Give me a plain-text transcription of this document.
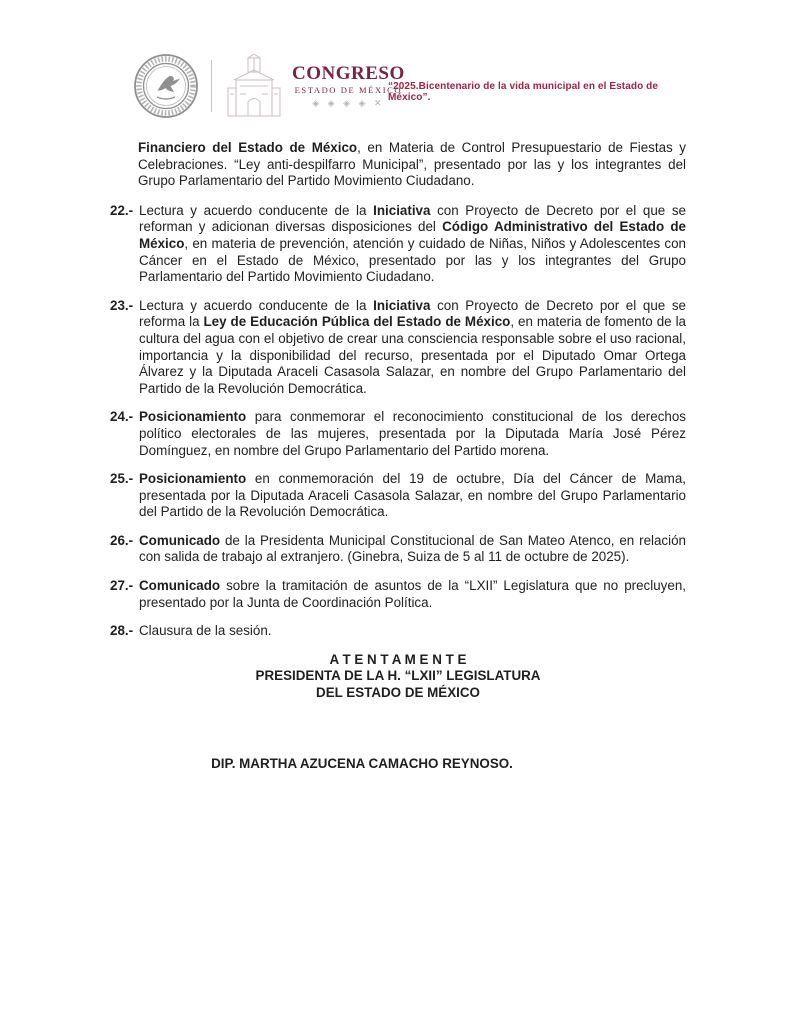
CONGRESO
ESTADO DE MÉXICO
◈ ◈ ◈ ◈ ✕
“2025.Bicentenario de la vida municipal en el Estado de México”.

Financiero del Estado de México, en Materia de Control Presupuestario de Fiestas y Celebraciones. “Ley anti-despilfarro Municipal”, presentado por las y los integrantes del Grupo Parlamentario del Partido Movimiento Ciudadano.

22.- Lectura y acuerdo conducente de la Iniciativa con Proyecto de Decreto por el que se reforman y adicionan diversas disposiciones del Código Administrativo del Estado de México, en materia de prevención, atención y cuidado de Niñas, Niños y Adolescentes con Cáncer en el Estado de México, presentado por las y los integrantes del Grupo Parlamentario del Partido Movimiento Ciudadano.

23.- Lectura y acuerdo conducente de la Iniciativa con Proyecto de Decreto por el que se reforma la Ley de Educación Pública del Estado de México, en materia de fomento de la cultura del agua con el objetivo de crear una consciencia responsable sobre el uso racional, importancia y la disponibilidad del recurso, presentada por el Diputado Omar Ortega Álvarez y la Diputada Araceli Casasola Salazar, en nombre del Grupo Parlamentario del Partido de la Revolución Democrática.

24.- Posicionamiento para conmemorar el reconocimiento constitucional de los derechos político electorales de las mujeres, presentada por la Diputada María José Pérez Domínguez, en nombre del Grupo Parlamentario del Partido morena.

25.- Posicionamiento en conmemoración del 19 de octubre, Día del Cáncer de Mama, presentada por la Diputada Araceli Casasola Salazar, en nombre del Grupo Parlamentario del Partido de la Revolución Democrática.

26.- Comunicado de la Presidenta Municipal Constitucional de San Mateo Atenco, en relación con salida de trabajo al extranjero. (Ginebra, Suiza de 5 al 11 de octubre de 2025).

27.- Comunicado sobre la tramitación de asuntos de la “LXII” Legislatura que no precluyen, presentado por la Junta de Coordinación Política.

28.- Clausura de la sesión.

A T E N T A M E N T E
PRESIDENTA DE LA H. “LXII” LEGISLATURA
DEL ESTADO DE MÉXICO
DIP. MARTHA AZUCENA CAMACHO REYNOSO.
